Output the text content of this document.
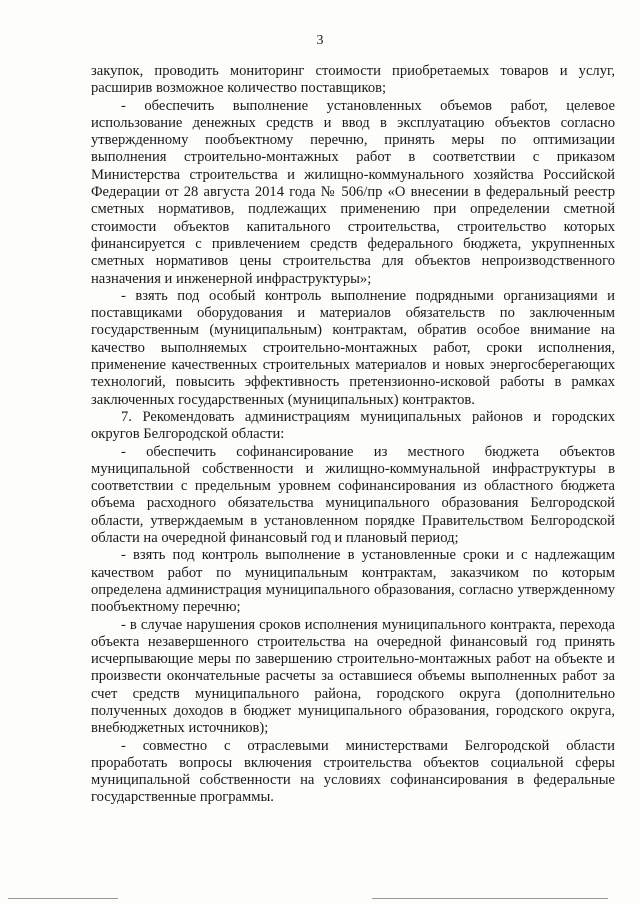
3

закупок, проводить мониторинг стоимости приобретаемых товаров и услуг, расширив возможное количество поставщиков;

- обеспечить выполнение установленных объемов работ, целевое использование денежных средств и ввод в эксплуатацию объектов согласно утвержденному пообъектному перечню, принять меры по оптимизации выполнения строительно-монтажных работ в соответствии с приказом Министерства строительства и жилищно-коммунального хозяйства Российской Федерации от 28 августа 2014 года № 506/пр «О внесении в федеральный реестр сметных нормативов, подлежащих применению при определении сметной стоимости объектов капитального строительства, строительство которых финансируется с привлечением средств федерального бюджета, укрупненных сметных нормативов цены строительства для объектов непроизводственного назначения и инженерной инфраструктуры»;

- взять под особый контроль выполнение подрядными организациями и поставщиками оборудования и материалов обязательств по заключенным государственным (муниципальным) контрактам, обратив особое внимание на качество выполняемых строительно-монтажных работ, сроки исполнения, применение качественных строительных материалов и новых энергосберегающих технологий, повысить эффективность претензионно-исковой работы в рамках заключенных государственных (муниципальных) контрактов.

7. Рекомендовать администрациям муниципальных районов и городских округов Белгородской области:

- обеспечить софинансирование из местного бюджета объектов муниципальной собственности и жилищно-коммунальной инфраструктуры в соответствии с предельным уровнем софинансирования из областного бюджета объема расходного обязательства муниципального образования Белгородской области, утверждаемым в установленном порядке Правительством Белгородской области на очередной финансовый год и плановый период;

- взять под контроль выполнение в установленные сроки и с надлежащим качеством работ по муниципальным контрактам, заказчиком по которым определена администрация муниципального образования, согласно утвержденному пообъектному перечню;

- в случае нарушения сроков исполнения муниципального контракта, перехода объекта незавершенного строительства на очередной финансовый год принять исчерпывающие меры по завершению строительно-монтажных работ на объекте и произвести окончательные расчеты за оставшиеся объемы выполненных работ за счет средств муниципального района, городского округа (дополнительно полученных доходов в бюджет муниципального образования, городского округа, внебюджетных источников);

- совместно с отраслевыми министерствами Белгородской области проработать вопросы включения строительства объектов социальной сферы муниципальной собственности на условиях софинансирования в федеральные государственные программы.
